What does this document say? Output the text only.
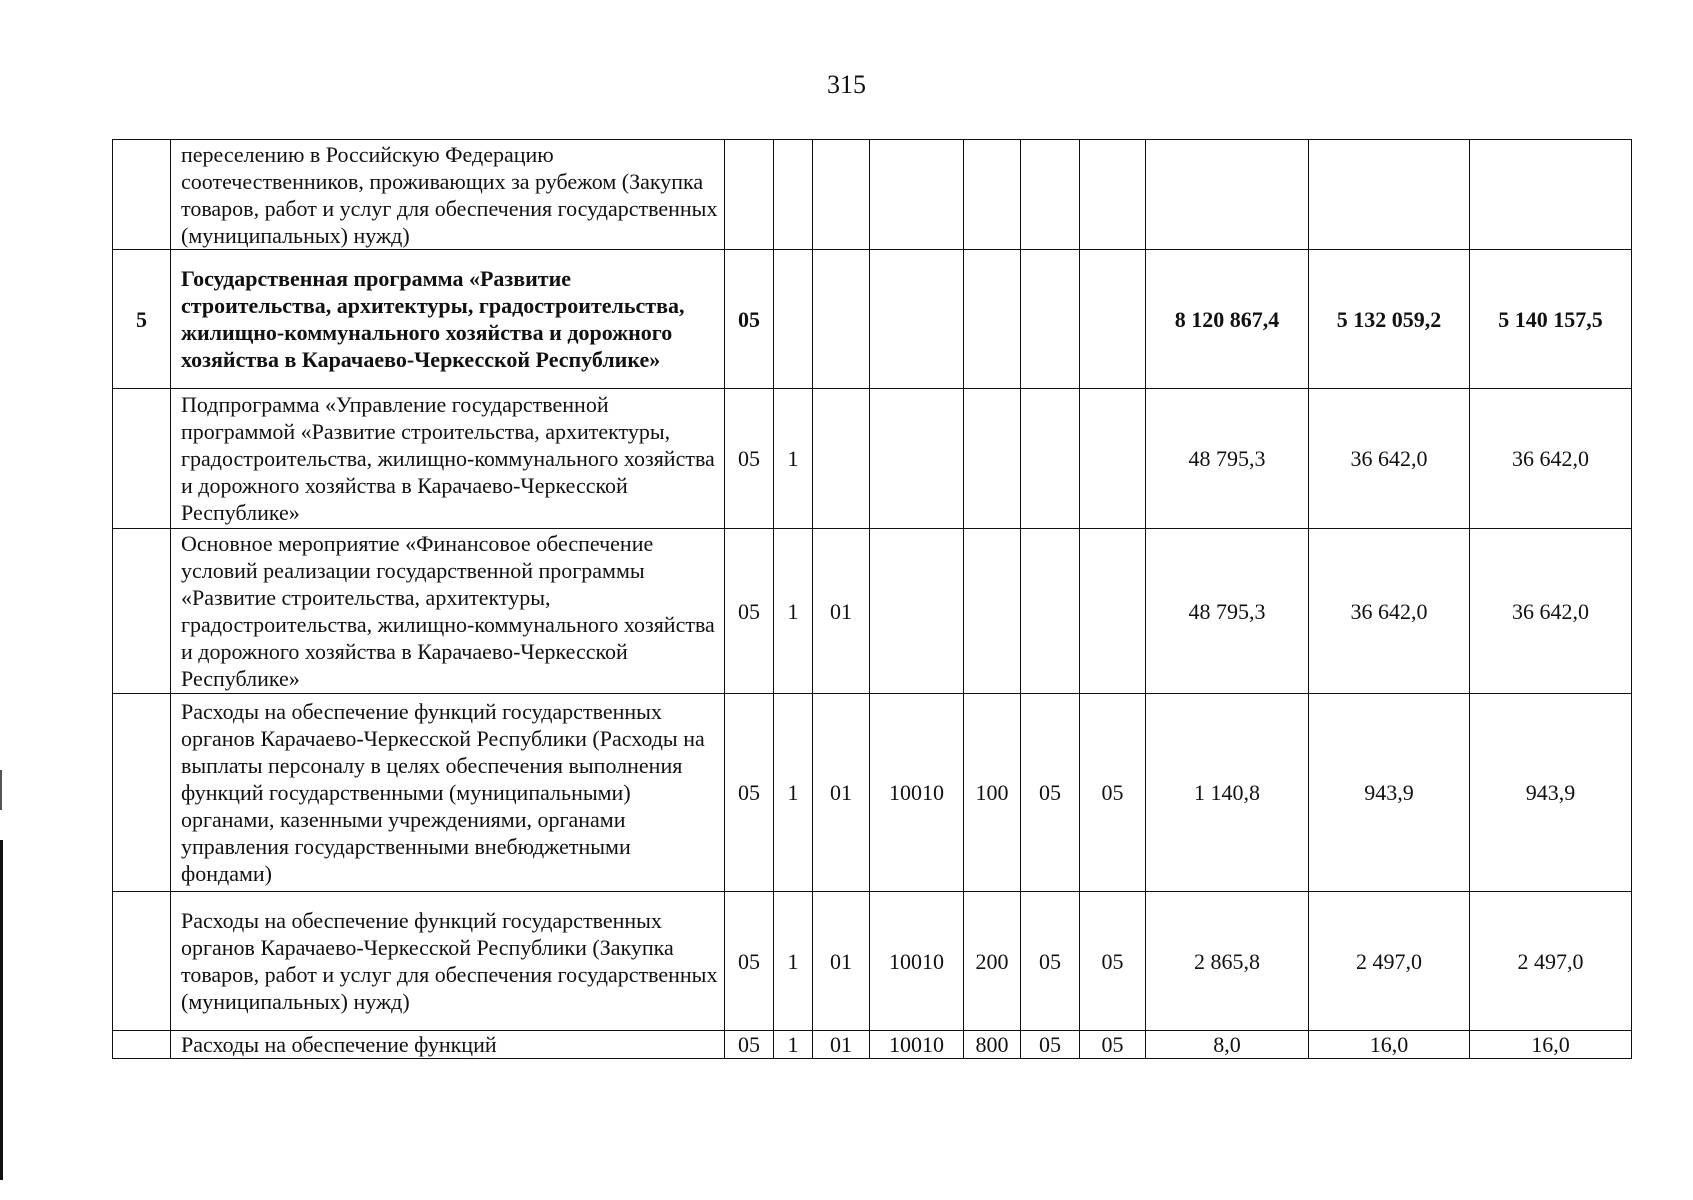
315
	переселению в Российскую Федерацию соотечественников, проживающих за рубежом (Закупка товаров, работ и услуг для обеспечения государственных (муниципальных) нужд)										
5	Государственная программа «Развитие строительства, архитектуры, градостроительства, жилищно-коммунального хозяйства и дорожного хозяйства в Карачаево-Черкесской Республике»	05							8 120 867,4	5 132 059,2	5 140 157,5
	Подпрограмма «Управление государственной программой «Развитие строительства, архитектуры, градостроительства, жилищно-коммунального хозяйства и дорожного хозяйства в Карачаево-Черкесской Республике»	05	1						48 795,3	36 642,0	36 642,0
	Основное мероприятие «Финансовое обеспечение условий реализации государственной программы «Развитие строительства, архитектуры, градостроительства, жилищно-коммунального хозяйства и дорожного хозяйства в Карачаево-Черкесской Республике»	05	1	01					48 795,3	36 642,0	36 642,0
	Расходы на обеспечение функций государственных органов Карачаево-Черкесской Республики (Расходы на выплаты персоналу в целях обеспечения выполнения функций государственными (муниципальными) органами, казенными учреждениями, органами управления государственными внебюджетными фондами)	05	1	01	10010	100	05	05	1 140,8	943,9	943,9
	Расходы на обеспечение функций государственных органов Карачаево-Черкесской Республики (Закупка товаров, работ и услуг для обеспечения государственных (муниципальных) нужд)	05	1	01	10010	200	05	05	2 865,8	2 497,0	2 497,0
	Расходы на обеспечение функций	05	1	01	10010	800	05	05	8,0	16,0	16,0
